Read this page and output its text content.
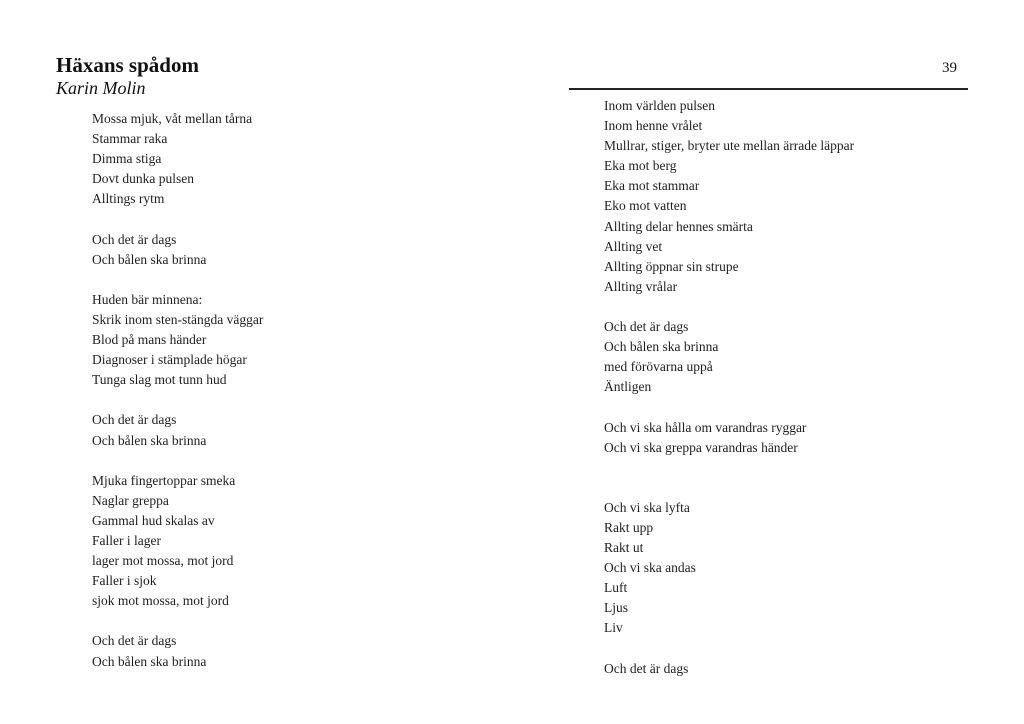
Häxans spådom
Karin Molin
39
Mossa mjuk, våt mellan tårna
Stammar raka
Dimma stiga
Dovt dunka pulsen
Alltings rytm
Och det är dags
Och bålen ska brinna
Huden bär minnena:
Skrik inom sten-stängda väggar
Blod på mans händer
Diagnoser i stämplade högar
Tunga slag mot tunn hud
Och det är dags
Och bålen ska brinna
Mjuka fingertoppar smeka
Naglar greppa
Gammal hud skalas av
Faller i lager
lager mot mossa, mot jord
Faller i sjok
sjok mot mossa, mot jord
Och det är dags
Och bålen ska brinna
Inom världen pulsen
Inom henne vrålet
Mullrar, stiger, bryter ute mellan ärrade läppar
Eka mot berg
Eka mot stammar
Eko mot vatten
Allting delar hennes smärta
Allting vet
Allting öppnar sin strupe
Allting vrålar
Och det är dags
Och bålen ska brinna
med förövarna uppå
Äntligen
Och vi ska hålla om varandras ryggar
Och vi ska greppa varandras händer
Och vi ska lyfta
Rakt upp
Rakt ut
Och vi ska andas
Luft
Ljus
Liv
Och det är dags
